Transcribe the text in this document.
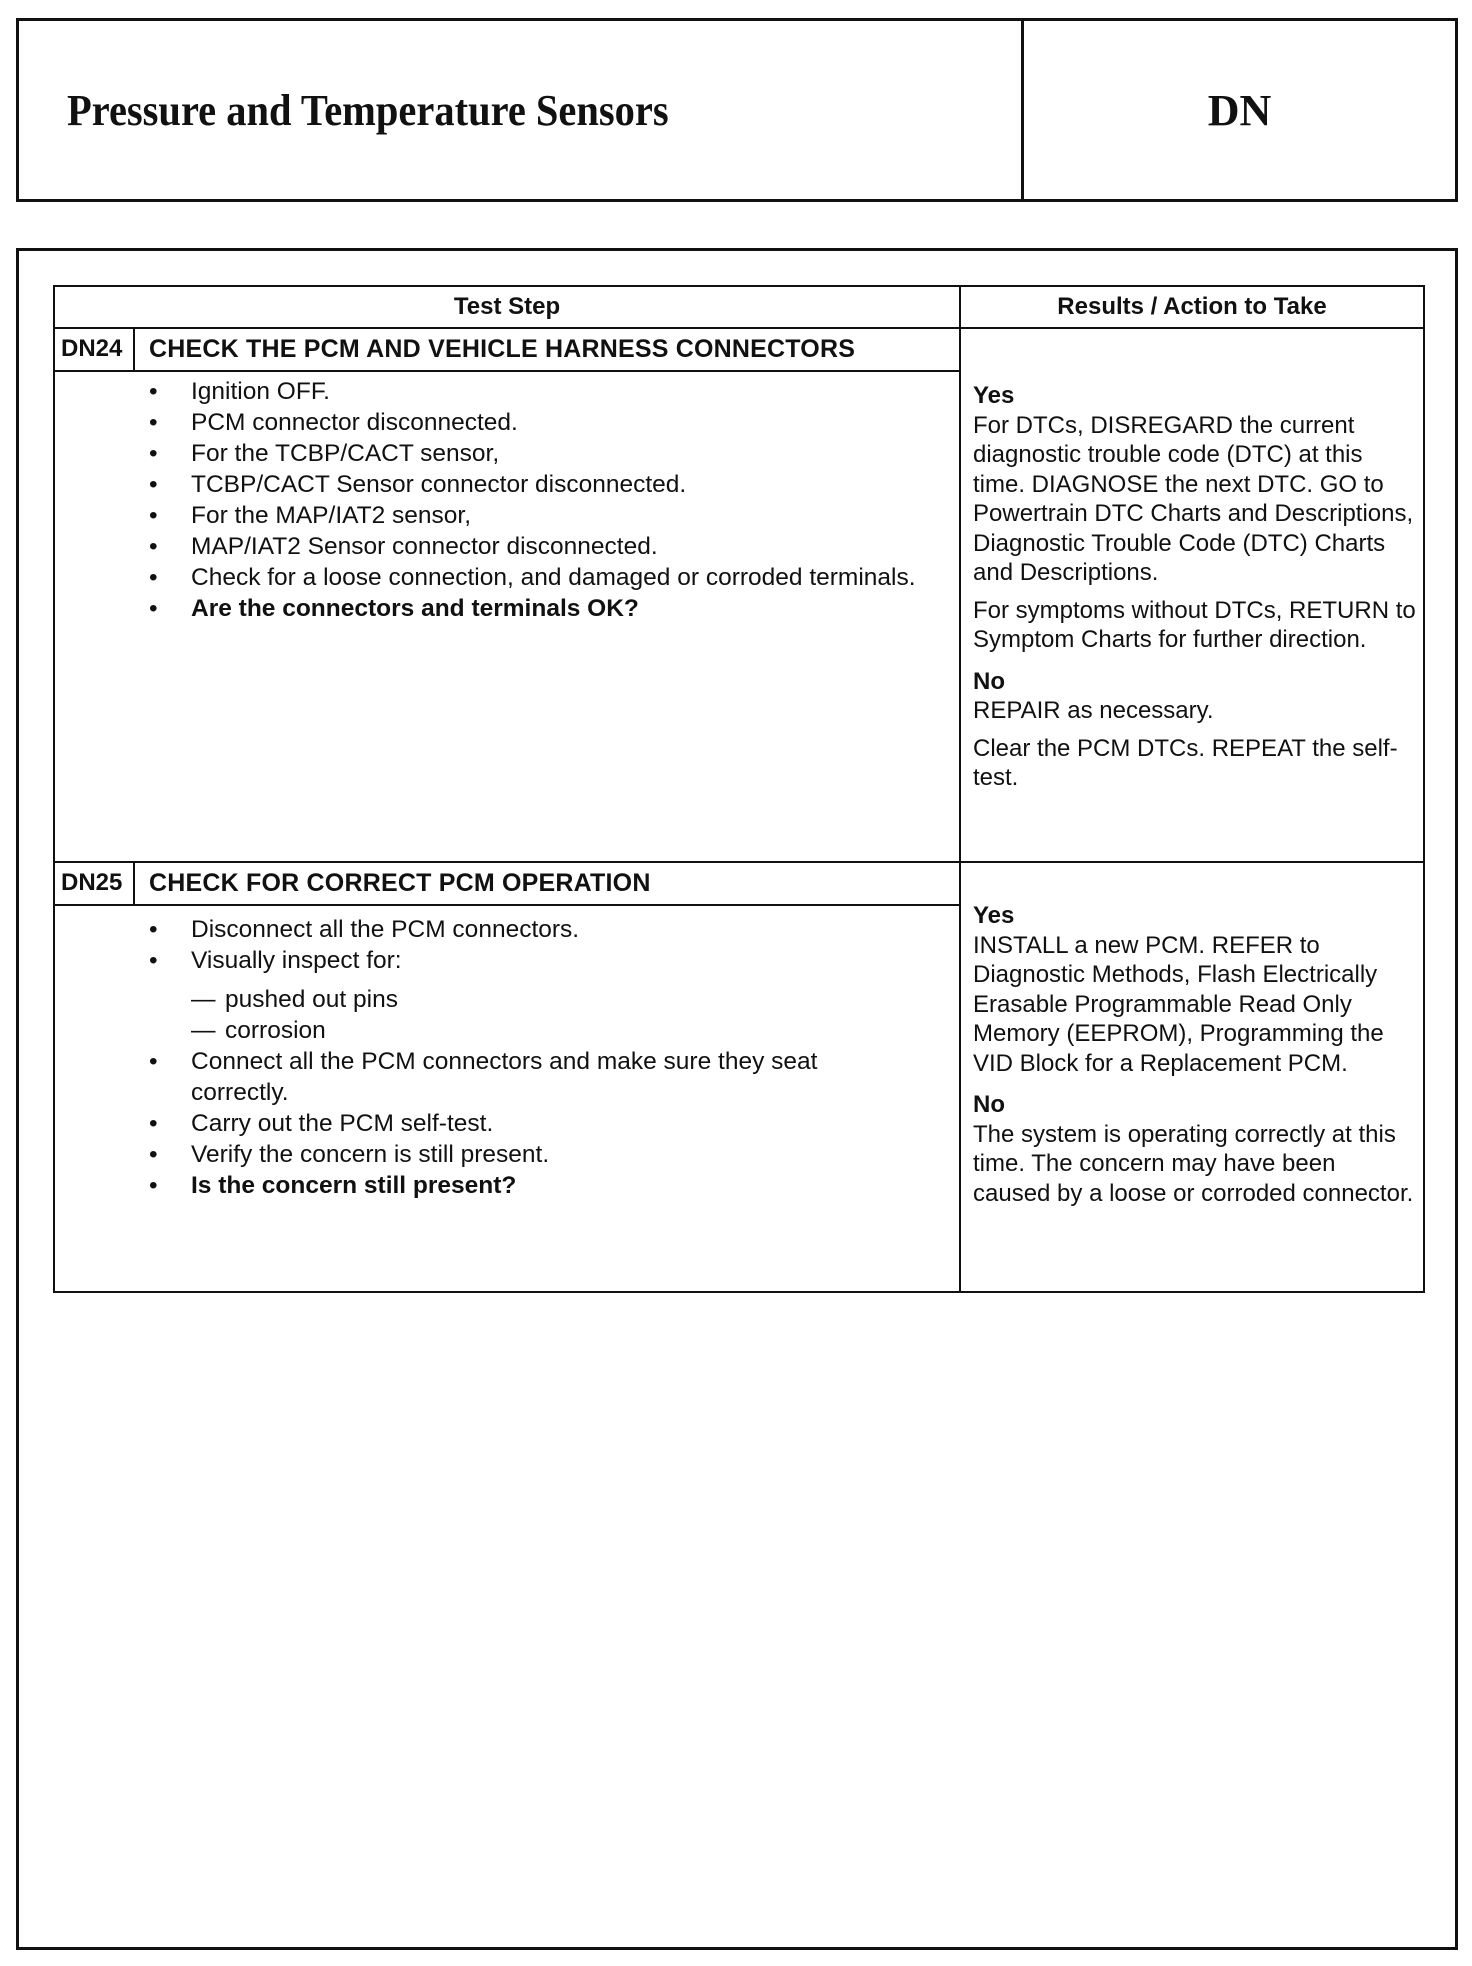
Pressure and Temperature Sensors	DN
Test Step	Results / Action to Take
DN24	CHECK THE PCM AND VEHICLE HARNESS CONNECTORS
•	Ignition OFF.
•	PCM connector disconnected.
•	For the TCBP/CACT sensor,
•	TCBP/CACT Sensor connector disconnected.
•	For the MAP/IAT2 sensor,
•	MAP/IAT2 Sensor connector disconnected.
•	Check for a loose connection, and damaged or corroded terminals.
•	Are the connectors and terminals OK?
Yes

For DTCs, DISREGARD the current diagnostic trouble code (DTC) at this time. DIAGNOSE the next DTC. GO to Powertrain DTC Charts and Descriptions, Diagnostic Trouble Code (DTC) Charts and Descriptions.

For symptoms without DTCs, RETURN to Symptom Charts for further direction.

No

REPAIR as necessary.

Clear the PCM DTCs. REPEAT the self-test.

DN25	CHECK FOR CORRECT PCM OPERATION
•	Disconnect all the PCM connectors.
•	Visually inspect for:
— pushed out pins
— corrosion
•	Connect all the PCM connectors and make sure they seat correctly.
•	Carry out the PCM self-test.
•	Verify the concern is still present.
•	Is the concern still present?
Yes

INSTALL a new PCM. REFER to Diagnostic Methods, Flash Electrically Erasable Programmable Read Only Memory (EEPROM), Programming the VID Block for a Replacement PCM.

No

The system is operating correctly at this time. The concern may have been caused by a loose or corroded connector.
